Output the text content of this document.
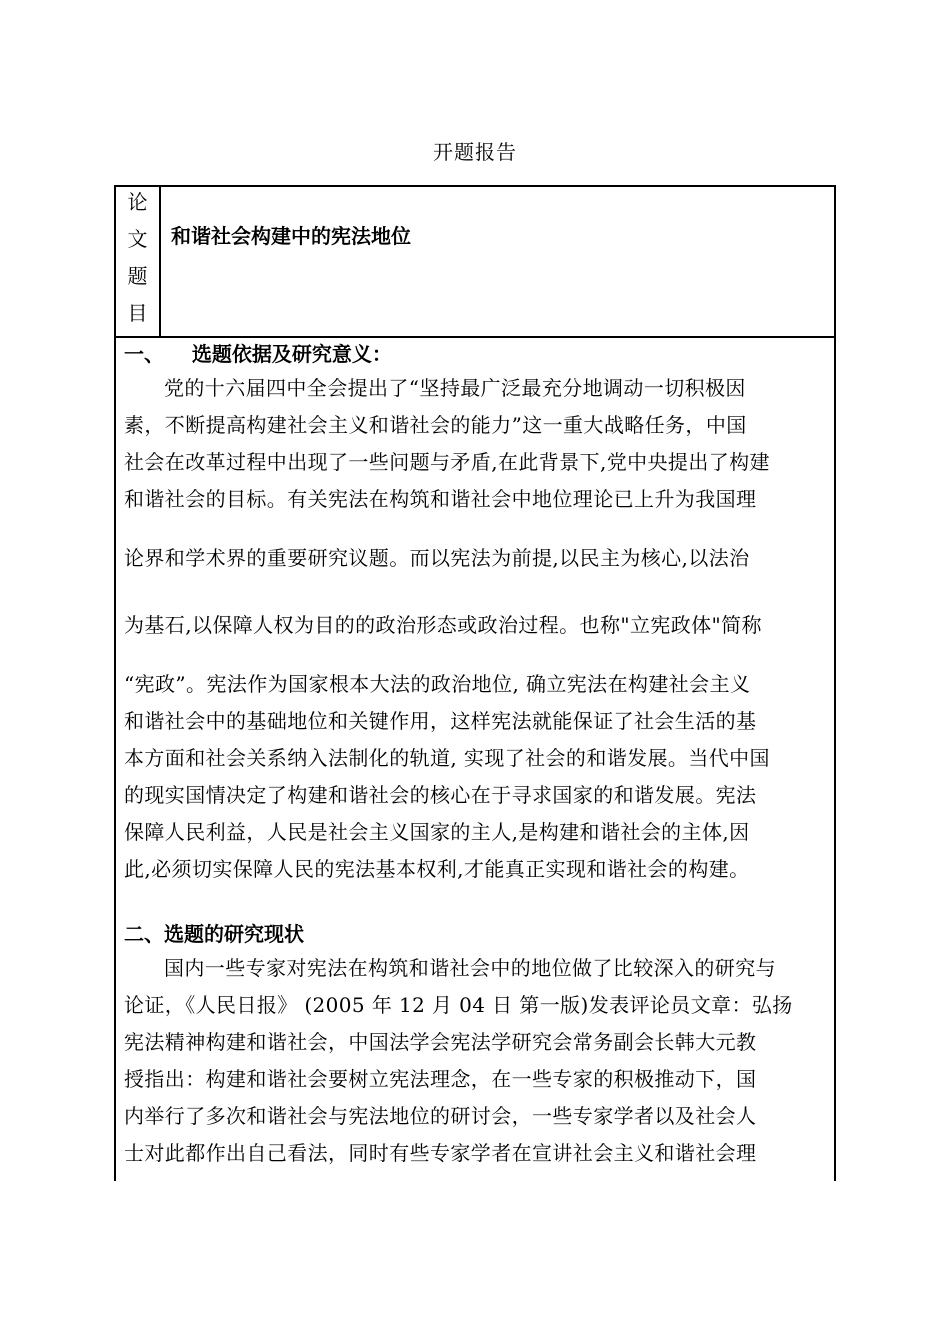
开题报告
论
文
题
目
和谐社会构建中的宪法地位
一、    选题依据及研究意义：
党的十六届四中全会提出了“坚持最广泛最充分地调动一切积极因
素，不断提高构建社会主义和谐社会的能力”这一重大战略任务，中国
社会在改革过程中出现了一些问题与矛盾,在此背景下,党中央提出了构建
和谐社会的目标。有关宪法在构筑和谐社会中地位理论已上升为我国理
论界和学术界的重要研究议题。而以宪法为前提,以民主为核心,以法治
为基石,以保障人权为目的的政治形态或政治过程。也称"立宪政体"简称
“宪政”。宪法作为国家根本大法的政治地位, 确立宪法在构建社会主义
和谐社会中的基础地位和关键作用，这样宪法就能保证了社会生活的基
本方面和社会关系纳入法制化的轨道, 实现了社会的和谐发展。当代中国
的现实国情决定了构建和谐社会的核心在于寻求国家的和谐发展。宪法
保障人民利益，人民是社会主义国家的主人,是构建和谐社会的主体,因
此,必须切实保障人民的宪法基本权利,才能真正实现和谐社会的构建。
二、选题的研究现状
国内一些专家对宪法在构筑和谐社会中的地位做了比较深入的研究与
论证，《人民日报》 (2005 年 12 月 04 日 第一版)发表评论员文章：弘扬
宪法精神构建和谐社会，中国法学会宪法学研究会常务副会长韩大元教
授指出：构建和谐社会要树立宪法理念，在一些专家的积极推动下，国
内举行了多次和谐社会与宪法地位的研讨会，一些专家学者以及社会人
士对此都作出自己看法，同时有些专家学者在宣讲社会主义和谐社会理
